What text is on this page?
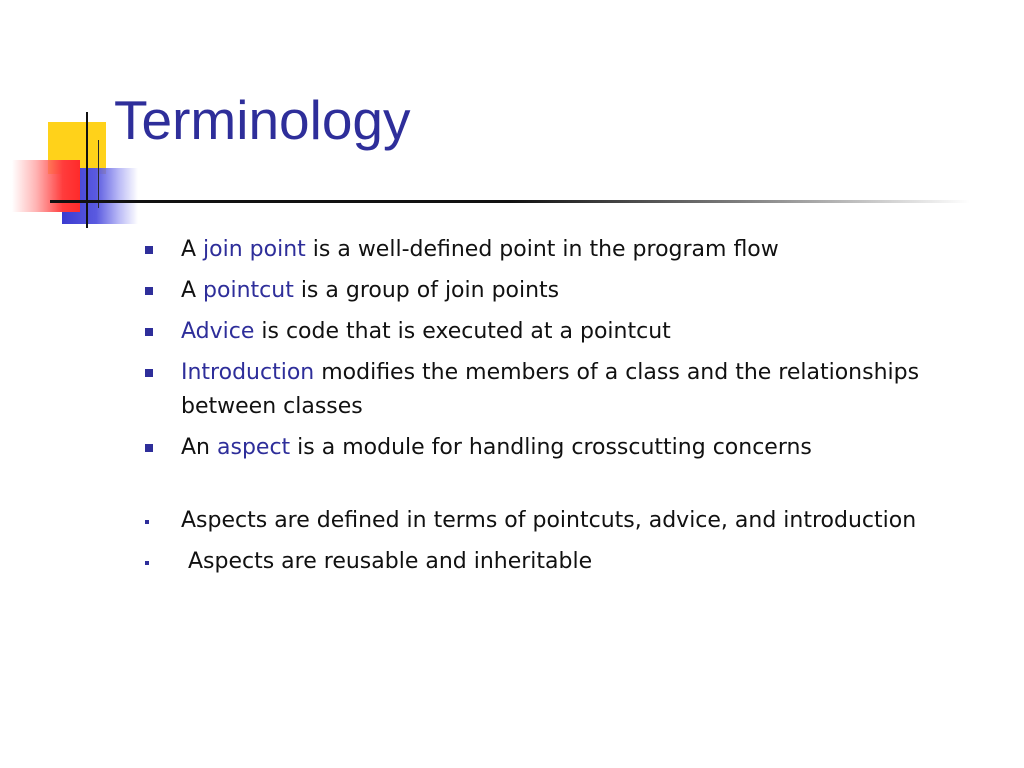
Terminology
A join point is a well-defined point in the program flow
A pointcut is a group of join points
Advice is code that is executed at a pointcut
Introduction modifies the members of a class and the relationships between classes
An aspect is a module for handling crosscutting concerns
Aspects are defined in terms of pointcuts, advice, and introduction
Aspects are reusable and inheritable
